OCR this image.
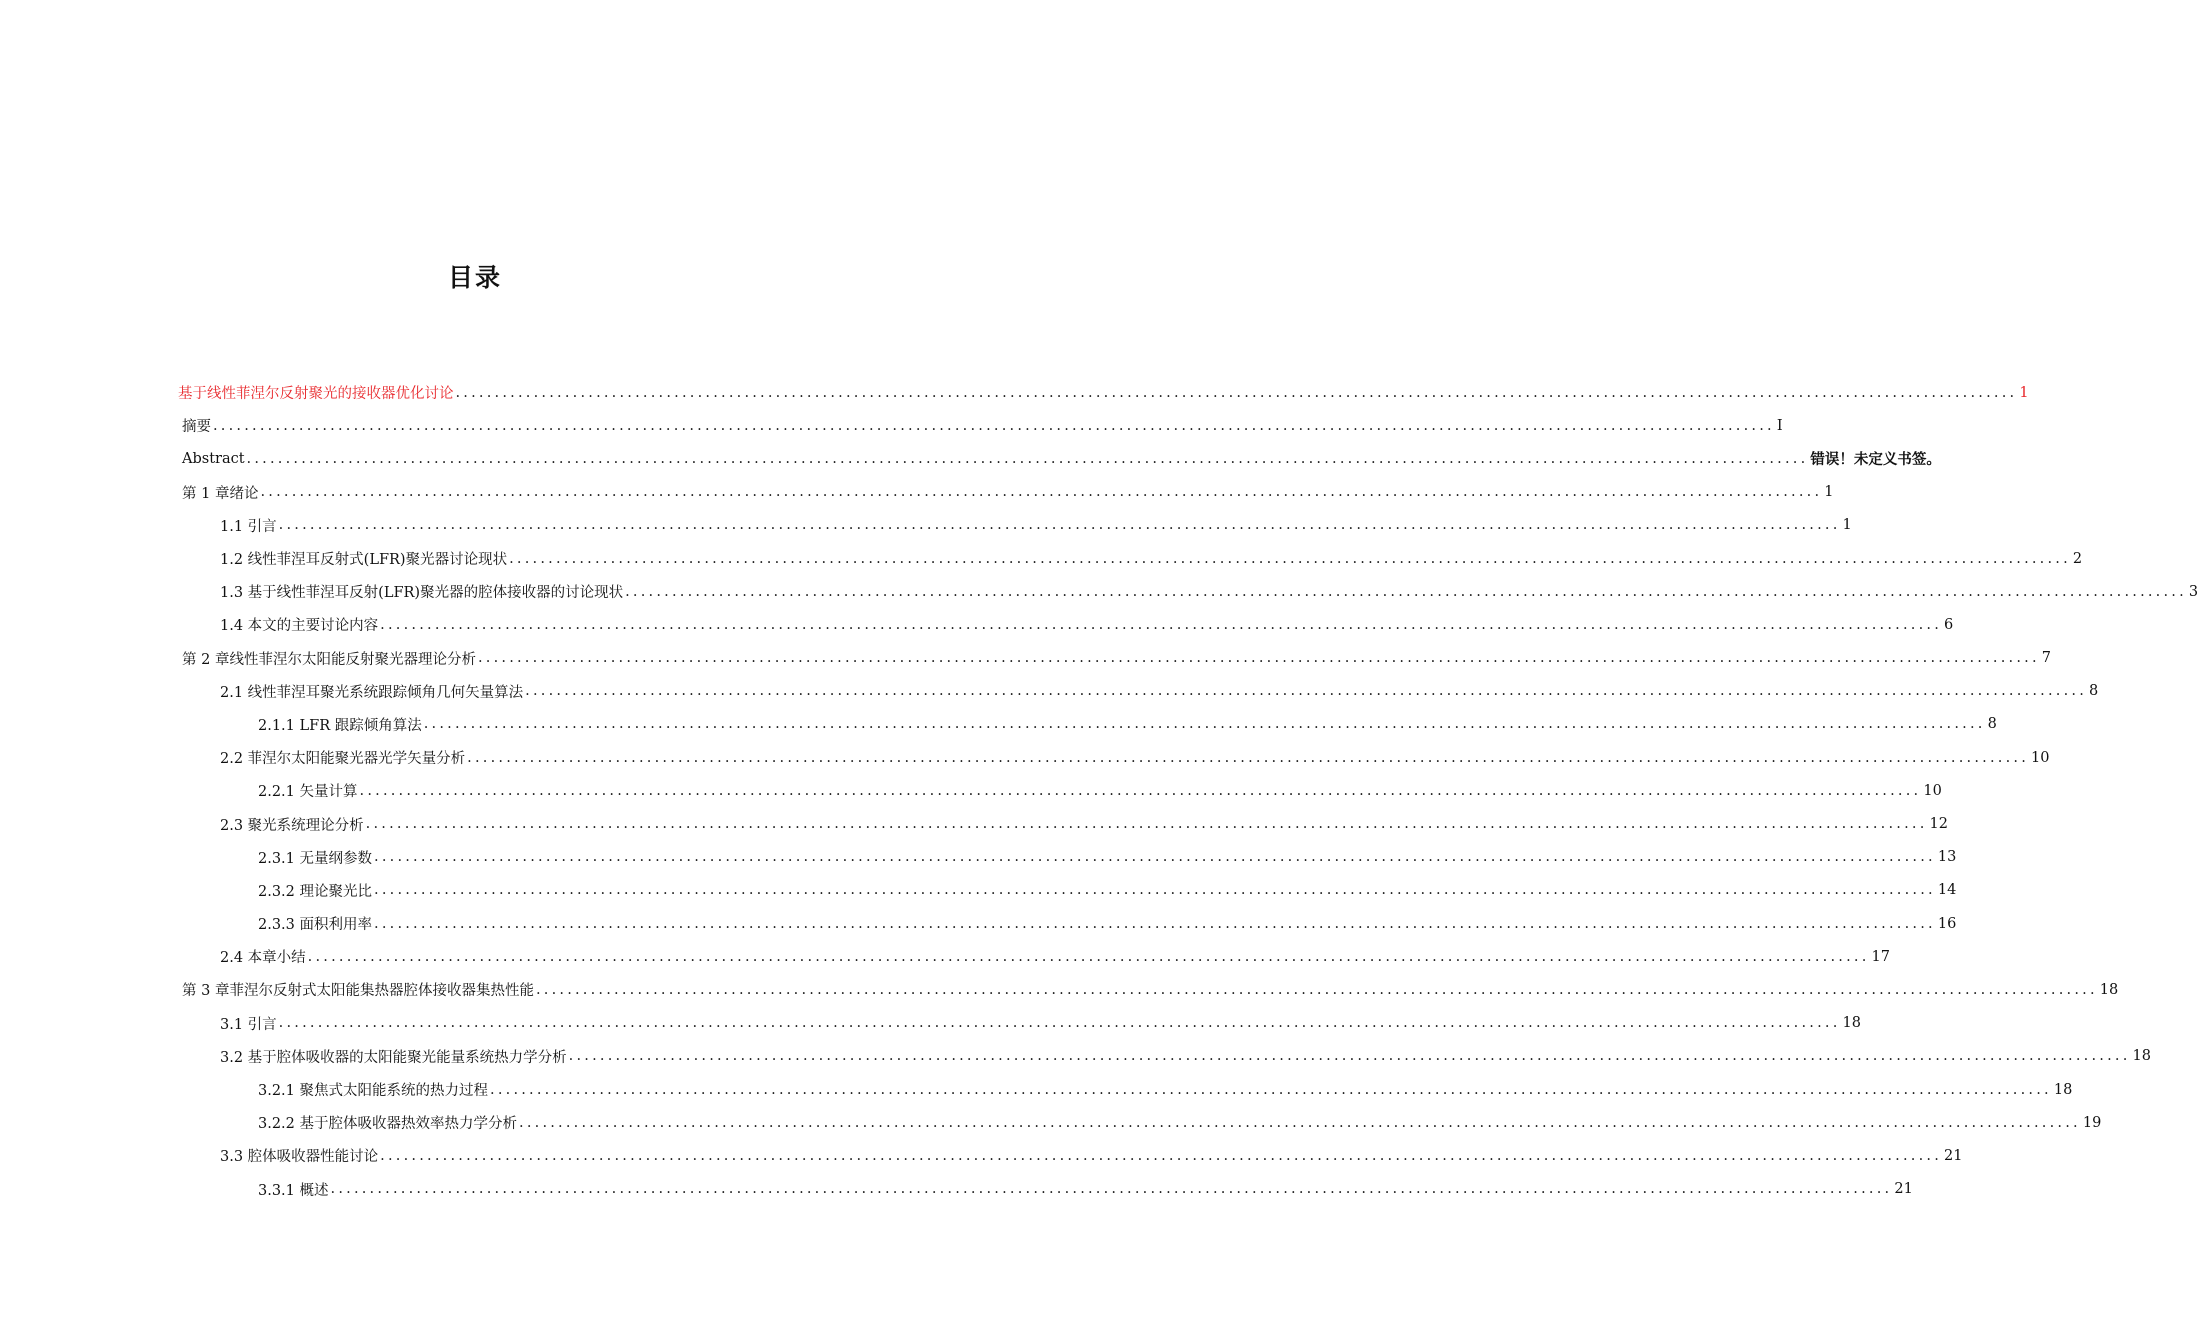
目录
基于线性菲涅尔反射聚光的接收器优化讨论 ........................................................................................................................................................................................................ 1
摘要 ........................................................................................................................................................................................................ I
Abstract ........................................................................................................................................................................................................ 错误！未定义书签。
第 1 章绪论 ........................................................................................................................................................................................................ 1
1.1 引言 ........................................................................................................................................................................................................ 1
1.2 线性菲涅耳反射式(LFR)聚光器讨论现状 ........................................................................................................................................................................................................ 2
1.3 基于线性菲涅耳反射(LFR)聚光器的腔体接收器的讨论现状 ........................................................................................................................................................................................................ 3
1.4 本文的主要讨论内容 ........................................................................................................................................................................................................ 6
第 2 章线性菲涅尔太阳能反射聚光器理论分析 ........................................................................................................................................................................................................ 7
2.1 线性菲涅耳聚光系统跟踪倾角几何矢量算法 ........................................................................................................................................................................................................ 8
2.1.1 LFR 跟踪倾角算法 ........................................................................................................................................................................................................ 8
2.2 菲涅尔太阳能聚光器光学矢量分析 ........................................................................................................................................................................................................ 10
2.2.1 矢量计算 ........................................................................................................................................................................................................ 10
2.3 聚光系统理论分析 ........................................................................................................................................................................................................ 12
2.3.1 无量纲参数 ........................................................................................................................................................................................................ 13
2.3.2 理论聚光比 ........................................................................................................................................................................................................ 14
2.3.3 面积利用率 ........................................................................................................................................................................................................ 16
2.4 本章小结 ........................................................................................................................................................................................................ 17
第 3 章菲涅尔反射式太阳能集热器腔体接收器集热性能 ........................................................................................................................................................................................................ 18
3.1 引言 ........................................................................................................................................................................................................ 18
3.2 基于腔体吸收器的太阳能聚光能量系统热力学分析 ........................................................................................................................................................................................................ 18
3.2.1 聚焦式太阳能系统的热力过程 ........................................................................................................................................................................................................ 18
3.2.2 基于腔体吸收器热效率热力学分析 ........................................................................................................................................................................................................ 19
3.3 腔体吸收器性能讨论 ........................................................................................................................................................................................................ 21
3.3.1 概述 ........................................................................................................................................................................................................ 21
